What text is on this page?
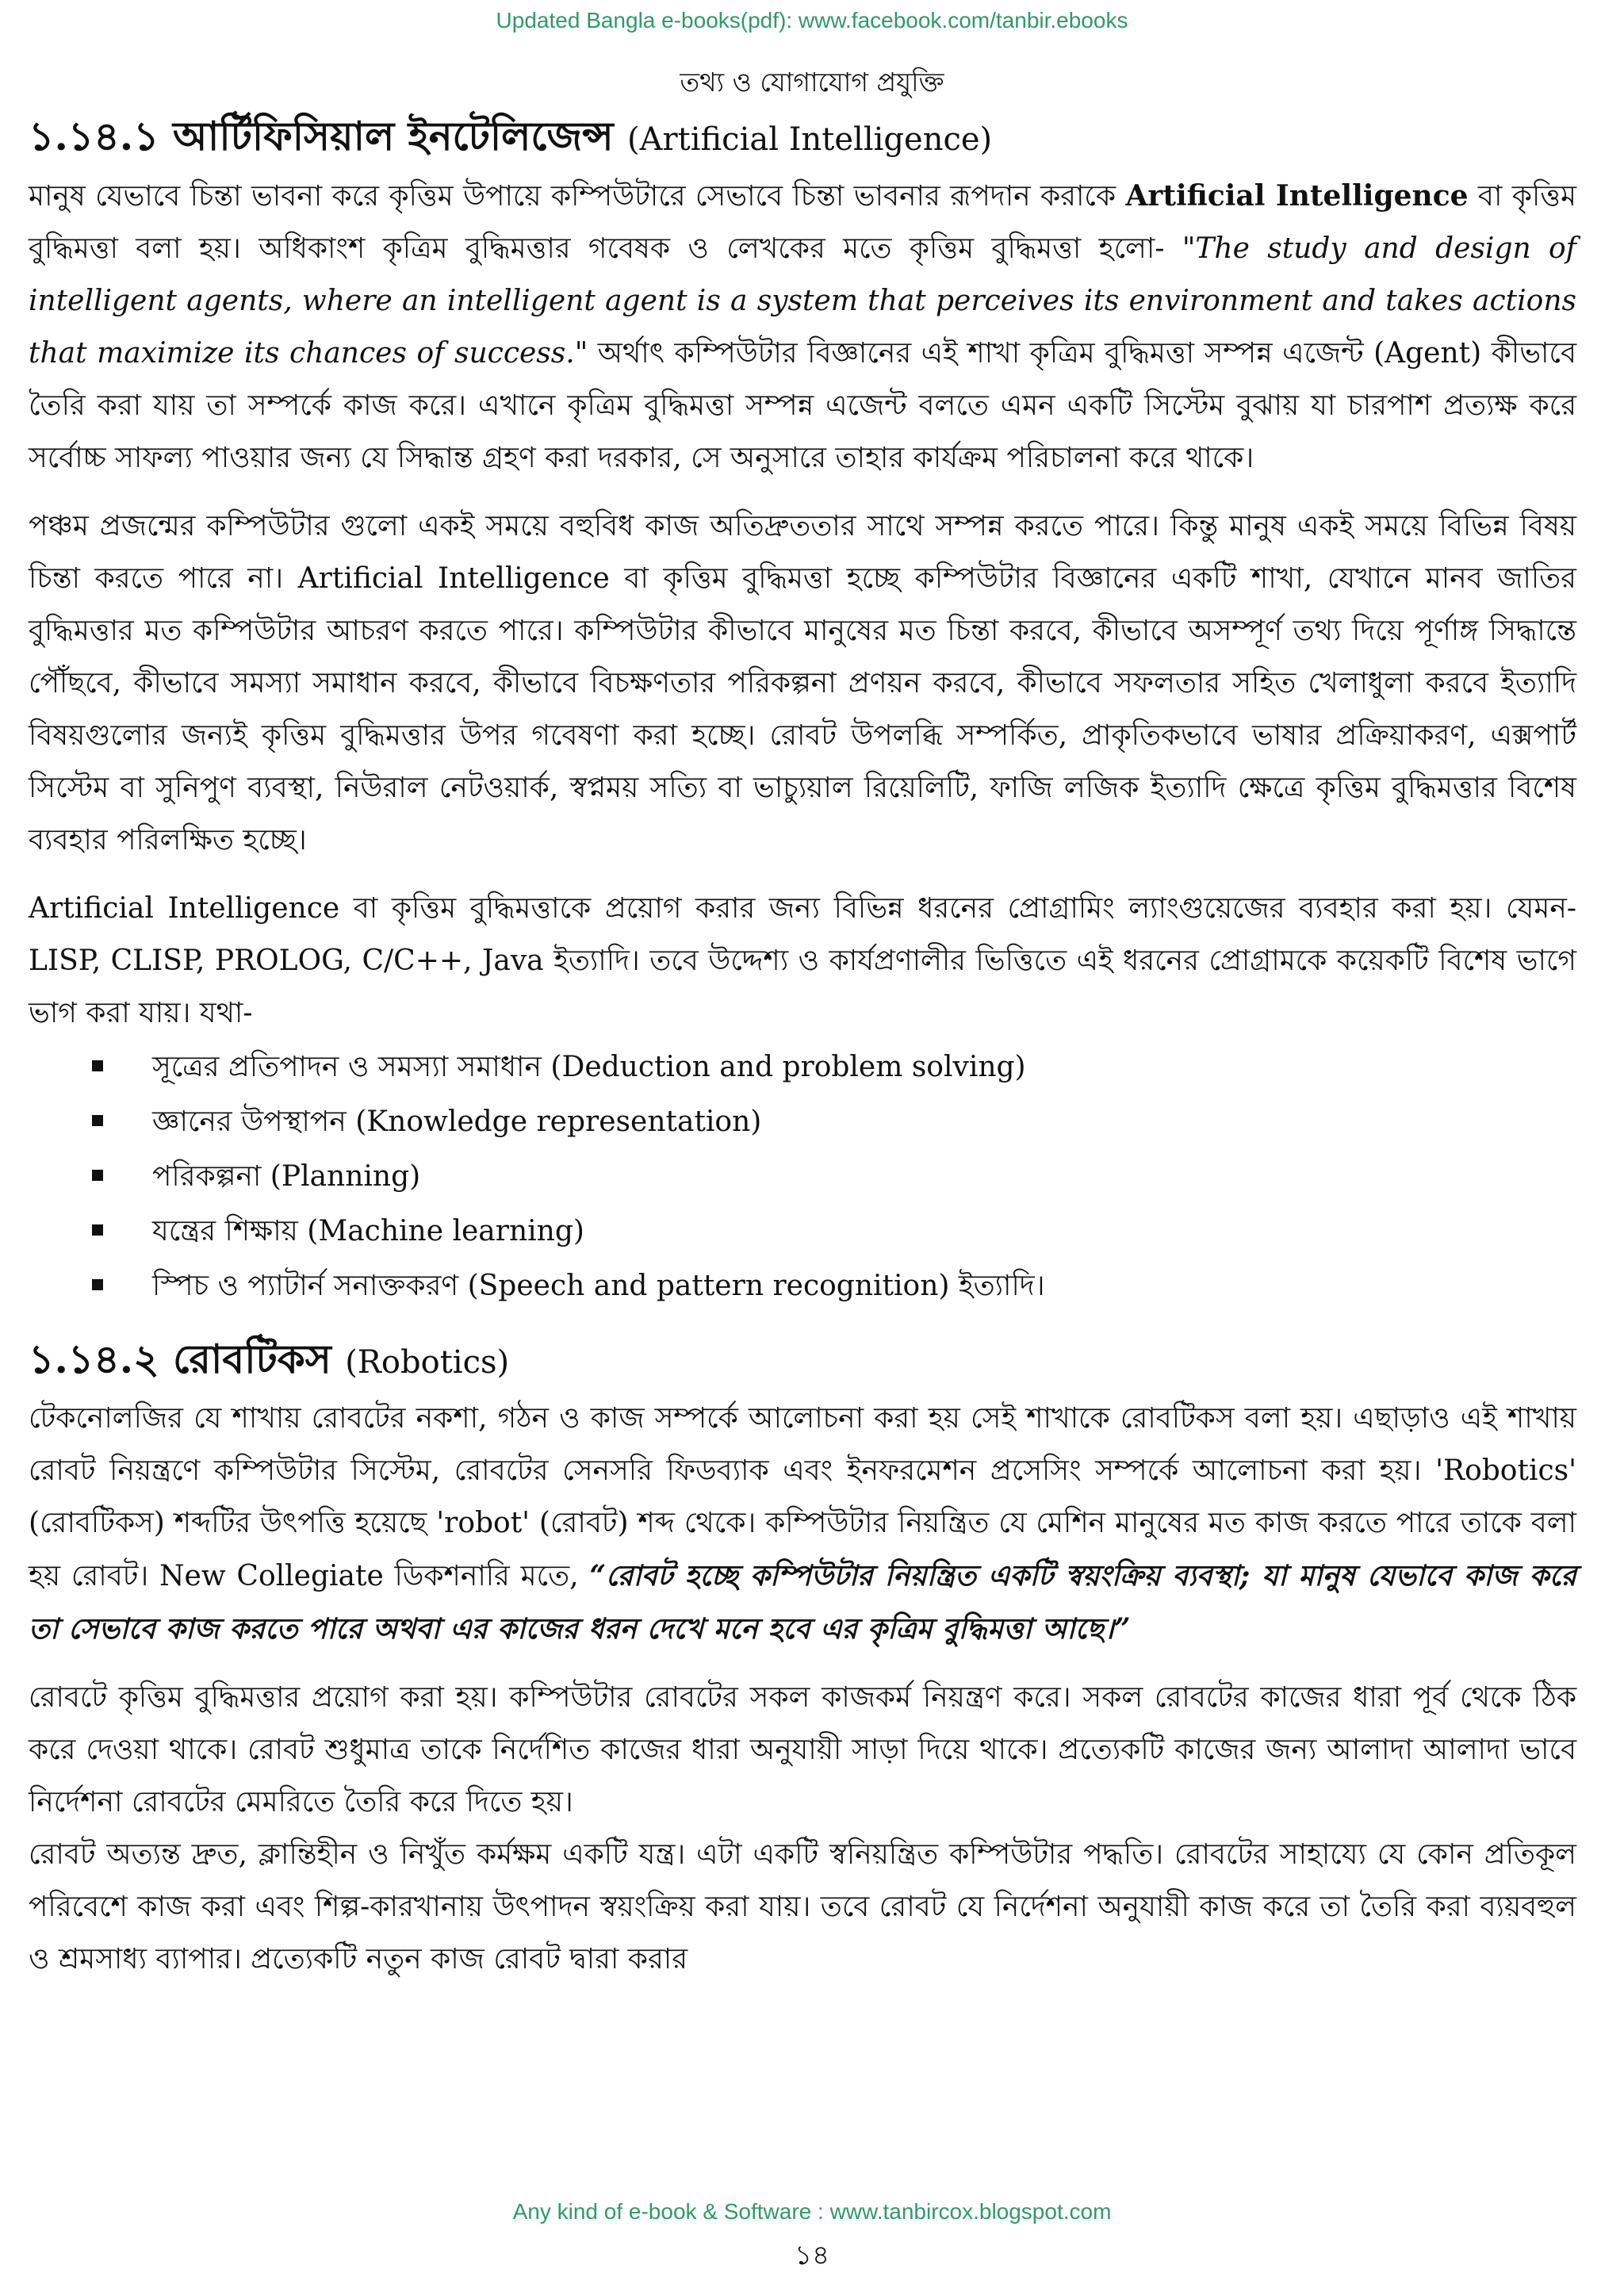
Updated Bangla e-books(pdf): www.facebook.com/tanbir.ebooks
তথ্য ও যোগাযোগ প্রযুক্তি
১.১৪.১ আর্টিফিসিয়াল ইনটেলিজেন্স (Artificial Intelligence)

মানুষ যেভাবে চিন্তা ভাবনা করে কৃত্তিম উপায়ে কম্পিউটারে সেভাবে চিন্তা ভাবনার রূপদান করাকে Artificial Intelligence বা কৃত্তিম বুদ্ধিমত্তা বলা হয়। অধিকাংশ কৃত্রিম বুদ্ধিমত্তার গবেষক ও লেখকের মতে কৃত্তিম বুদ্ধিমত্তা হলো- "The study and design of intelligent agents, where an intelligent agent is a system that perceives its environment and takes actions that maximize its chances of success." অর্থাৎ কম্পিউটার বিজ্ঞানের এই শাখা কৃত্রিম বুদ্ধিমত্তা সম্পন্ন এজেন্ট (Agent) কীভাবে তৈরি করা যায় তা সম্পর্কে কাজ করে। এখানে কৃত্রিম বুদ্ধিমত্তা সম্পন্ন এজেন্ট বলতে এমন একটি সিস্টেম বুঝায় যা চারপাশ প্রত্যক্ষ করে সর্বোচ্চ সাফল্য পাওয়ার জন্য যে সিদ্ধান্ত গ্রহণ করা দরকার, সে অনুসারে তাহার কার্যক্রম পরিচালনা করে থাকে।

পঞ্চম প্রজন্মের কম্পিউটার গুলো একই সময়ে বহুবিধ কাজ অতিদ্রুততার সাথে সম্পন্ন করতে পারে। কিন্তু মানুষ একই সময়ে বিভিন্ন বিষয় চিন্তা করতে পারে না। Artificial Intelligence বা কৃত্তিম বুদ্ধিমত্তা হচ্ছে কম্পিউটার বিজ্ঞানের একটি শাখা, যেখানে মানব জাতির বুদ্ধিমত্তার মত কম্পিউটার আচরণ করতে পারে। কম্পিউটার কীভাবে মানুষের মত চিন্তা করবে, কীভাবে অসম্পূর্ণ তথ্য দিয়ে পূর্ণাঙ্গ সিদ্ধান্তে পৌঁছবে, কীভাবে সমস্যা সমাধান করবে, কীভাবে বিচক্ষণতার পরিকল্পনা প্রণয়ন করবে, কীভাবে সফলতার সহিত খেলাধুলা করবে ইত্যাদি বিষয়গুলোর জন্যই কৃত্তিম বুদ্ধিমত্তার উপর গবেষণা করা হচ্ছে। রোবট উপলব্ধি সম্পর্কিত, প্রাকৃতিকভাবে ভাষার প্রক্রিয়াকরণ, এক্সপার্ট সিস্টেম বা সুনিপুণ ব্যবস্থা, নিউরাল নেটওয়ার্ক, স্বপ্নময় সত্যি বা ভাচ্যুয়াল রিয়েলিটি, ফাজি লজিক ইত্যাদি ক্ষেত্রে কৃত্তিম বুদ্ধিমত্তার বিশেষ ব্যবহার পরিলক্ষিত হচ্ছে।

Artificial Intelligence বা কৃত্তিম বুদ্ধিমত্তাকে প্রয়োগ করার জন্য বিভিন্ন ধরনের প্রোগ্রামিং ল্যাংগুয়েজের ব্যবহার করা হয়। যেমন- LISP, CLISP, PROLOG, C/C++, Java ইত্যাদি। তবে উদ্দেশ্য ও কার্যপ্রণালীর ভিত্তিতে এই ধরনের প্রোগ্রামকে কয়েকটি বিশেষ ভাগে ভাগ করা যায়। যথা-

সূত্রের প্রতিপাদন ও সমস্যা সমাধান (Deduction and problem solving)
জ্ঞানের উপস্থাপন (Knowledge representation)
পরিকল্পনা (Planning)
যন্ত্রের শিক্ষায় (Machine learning)
স্পিচ ও প্যাটার্ন সনাক্তকরণ (Speech and pattern recognition) ইত্যাদি।
১.১৪.২ রোবটিকস (Robotics)

টেকনোলজির যে শাখায় রোবটের নকশা, গঠন ও কাজ সম্পর্কে আলোচনা করা হয় সেই শাখাকে রোবটিকস বলা হয়। এছাড়াও এই শাখায় রোবট নিয়ন্ত্রণে কম্পিউটার সিস্টেম, রোবটের সেনসরি ফিডব্যাক এবং ইনফরমেশন প্রসেসিং সম্পর্কে আলোচনা করা হয়। 'Robotics' (রোবটিকস) শব্দটির উৎপত্তি হয়েছে 'robot' (রোবট) শব্দ থেকে। কম্পিউটার নিয়ন্ত্রিত যে মেশিন মানুষের মত কাজ করতে পারে তাকে বলা হয় রোবট। New Collegiate ডিকশনারি মতে, “রোবট হচ্ছে কম্পিউটার নিয়ন্ত্রিত একটি স্বয়ংক্রিয় ব্যবস্থা; যা মানুষ যেভাবে কাজ করে তা সেভাবে কাজ করতে পারে অথবা এর কাজের ধরন দেখে মনে হবে এর কৃত্রিম বুদ্ধিমত্তা আছে।”

রোবটে কৃত্তিম বুদ্ধিমত্তার প্রয়োগ করা হয়। কম্পিউটার রোবটের সকল কাজকর্ম নিয়ন্ত্রণ করে। সকল রোবটের কাজের ধারা পূর্ব থেকে ঠিক করে দেওয়া থাকে। রোবট শুধুমাত্র তাকে নির্দেশিত কাজের ধারা অনুযায়ী সাড়া দিয়ে থাকে। প্রত্যেকটি কাজের জন্য আলাদা আলাদা ভাবে নির্দেশনা রোবটের মেমরিতে তৈরি করে দিতে হয়।

রোবট অত্যন্ত দ্রুত, ক্লান্তিহীন ও নিখুঁত কর্মক্ষম একটি যন্ত্র। এটা একটি স্বনিয়ন্ত্রিত কম্পিউটার পদ্ধতি। রোবটের সাহায্যে যে কোন প্রতিকূল পরিবেশে কাজ করা এবং শিল্প-কারখানায় উৎপাদন স্বয়ংক্রিয় করা যায়। তবে রোবট যে নির্দেশনা অনুযায়ী কাজ করে তা তৈরি করা ব্যয়বহুল ও শ্রমসাধ্য ব্যাপার। প্রত্যেকটি নতুন কাজ রোবট দ্বারা করার

Any kind of e-book & Software : www.tanbircox.blogspot.com
১৪
